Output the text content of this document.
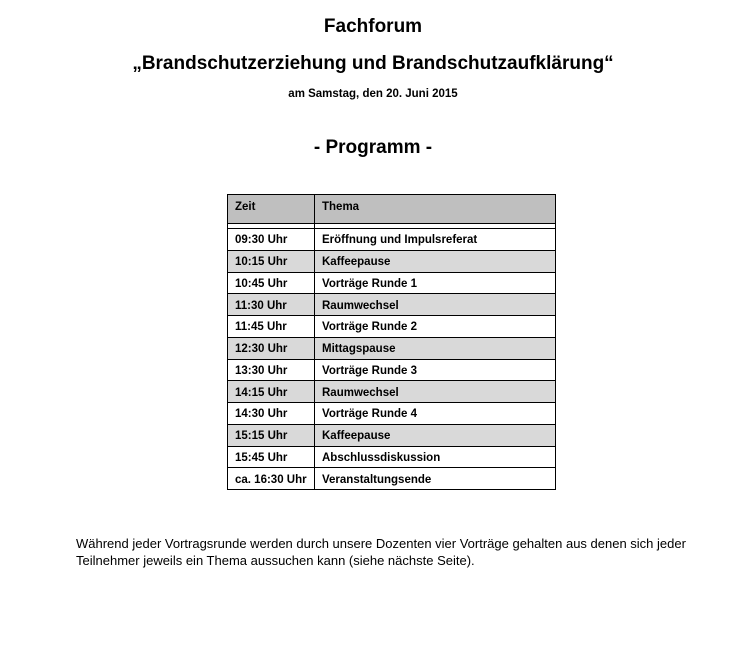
Fachforum
„Brandschutzerziehung und Brandschutzaufklärung“
am Samstag, den 20. Juni 2015
- Programm -
Zeit	Thema

09:30 Uhr	Eröffnung und Impulsreferat
10:15 Uhr	Kaffeepause
10:45 Uhr	Vorträge Runde 1
11:30 Uhr	Raumwechsel
11:45 Uhr	Vorträge Runde 2
12:30 Uhr	Mittagspause
13:30 Uhr	Vorträge Runde 3
14:15 Uhr	Raumwechsel
14:30 Uhr	Vorträge Runde 4
15:15 Uhr	Kaffeepause
15:45 Uhr	Abschlussdiskussion
ca. 16:30 Uhr	Veranstaltungsende
Während jeder Vortragsrunde werden durch unsere Dozenten vier Vorträge gehalten aus denen sich jeder Teilnehmer jeweils ein Thema aussuchen kann (siehe nächste Seite).
